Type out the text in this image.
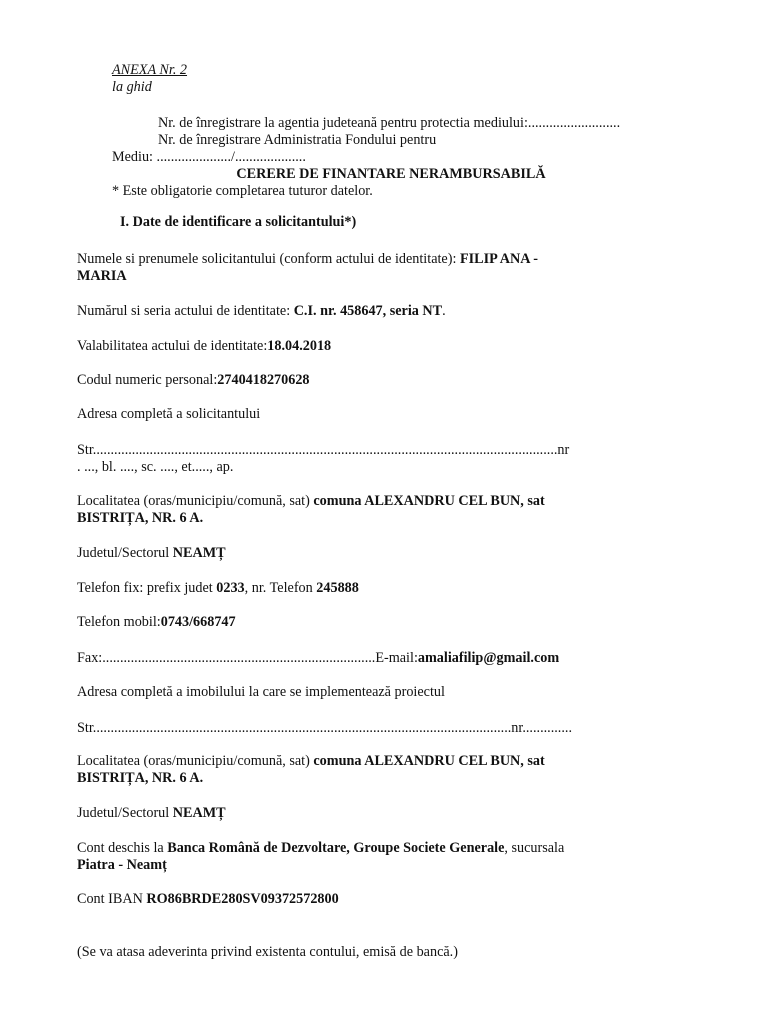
ANEXA Nr. 2
la ghid
Nr. de înregistrare la agentia judeteană pentru protectia mediului:..........................
Nr. de înregistrare Administratia Fondului pentru
Mediu: ...................../....................
CERERE DE FINANTARE NERAMBURSABILĂ
* Este obligatorie completarea tuturor datelor.
I. Date de identificare a solicitantului*)
Numele si prenumele solicitantului (conform actului de identitate): FILIP ANA -
MARIA
Numărul si seria actului de identitate: C.I. nr. 458647, seria NT.
Valabilitatea actului de identitate:18.04.2018
Codul numeric personal:2740418270628
Adresa completă a solicitantului
Str...................................................................................................................................nr
. ..., bl. ...., sc. ...., et....., ap.
Localitatea (oras/municipiu/comună, sat) comuna ALEXANDRU CEL BUN, sat
BISTRIȚA, NR. 6 A.
Judetul/Sectorul NEAMȚ
Telefon fix: prefix judet 0233, nr. Telefon 245888
Telefon mobil:0743/668747
Fax:.............................................................................E-mail:amaliafilip@gmail.com
Adresa completă a imobilului la care se implementează proiectul
Str......................................................................................................................nr..............
Localitatea (oras/municipiu/comună, sat) comuna ALEXANDRU CEL BUN, sat
BISTRIȚA, NR. 6 A.
Judetul/Sectorul NEAMȚ
Cont deschis la Banca Română de Dezvoltare, Groupe Societe Generale, sucursala
Piatra - Neamț
Cont IBAN RO86BRDE280SV09372572800
(Se va atasa adeverinta privind existenta contului, emisă de bancă.)
